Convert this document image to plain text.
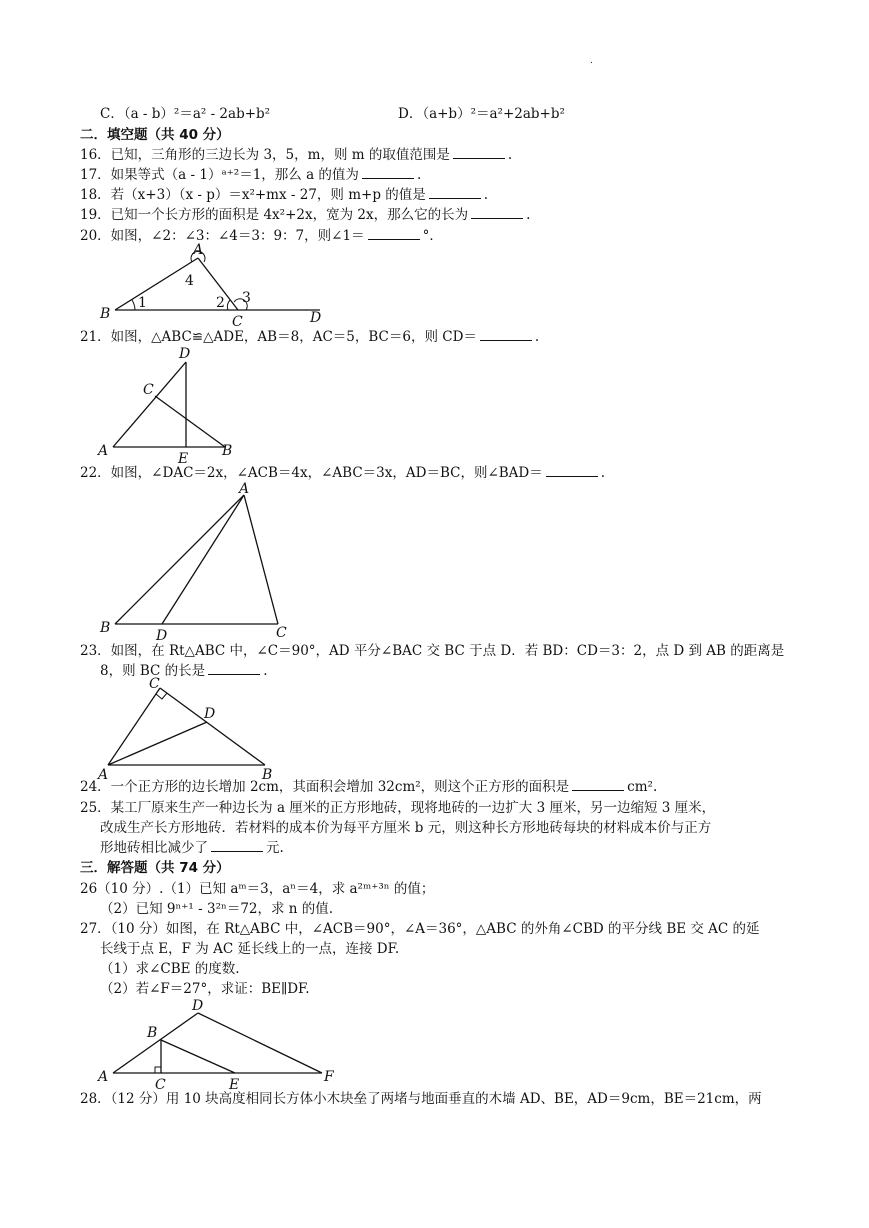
.
C．（a - b）²＝a² - 2ab+b²	D．（a+b）²＝a²+2ab+b²
二．填空题（共 40 分）
16．已知，三角形的三边长为 3，5，m，则 m 的取值范围是	.
17．如果等式（a - 1）ᵃ⁺²＝1，那么 a 的值为	.
18．若（x+3）（x - p）＝x²+mx - 27，则 m+p 的值是	.
19．已知一个长方形的面积是 4x²+2x，宽为 2x，那么它的长为	.
20．如图，∠2：∠3：∠4＝3：9：7，则∠1＝	°．
A
B	C	D
1	2 3
4
21．如图，△ABC≌△ADE，AB＝8，AC＝5，BC＝6，则 CD＝	.
D
C
A	B
E
22．如图，∠DAC＝2x，∠ACB＝4x，∠ABC＝3x，AD＝BC，则∠BAD＝	.
A
B	D	C
23．如图，在 Rt△ABC 中，∠C＝90°，AD 平分∠BAC 交 BC 于点 D．若 BD：CD＝3：2，点 D 到 AB 的距离是
8，则 BC 的长是	.
C
D
A	B
24．一个正方形的边长增加 2cm，其面积会增加 32cm²，则这个正方形的面积是	cm².
25．某工厂原来生产一种边长为 a 厘米的正方形地砖，现将地砖的一边扩大 3 厘米，另一边缩短 3 厘米，
改成生产长方形地砖．若材料的成本价为每平方厘米 b 元，则这种长方形地砖每块的材料成本价与正方
形地砖相比减少了	元.
三．解答题（共 74 分）
26（10 分）.（1）已知 aᵐ＝3，aⁿ＝4，求 a²ᵐ⁺³ⁿ 的值；
（2）已知 9ⁿ⁺¹ - 3²ⁿ＝72，求 n 的值.
27．（10 分）如图，在 Rt△ABC 中，∠ACB＝90°，∠A＝36°，△ABC 的外角∠CBD 的平分线 BE 交 AC 的延
长线于点 E，F 为 AC 延长线上的一点，连接 DF.
（1）求∠CBE 的度数.
（2）若∠F＝27°，求证：BE∥DF.
D
B
A	C	E	F
28．（12 分）用 10 块高度相同长方体小木块垒了两堵与地面垂直的木墙 AD、BE，AD＝9cm，BE＝21cm，两
